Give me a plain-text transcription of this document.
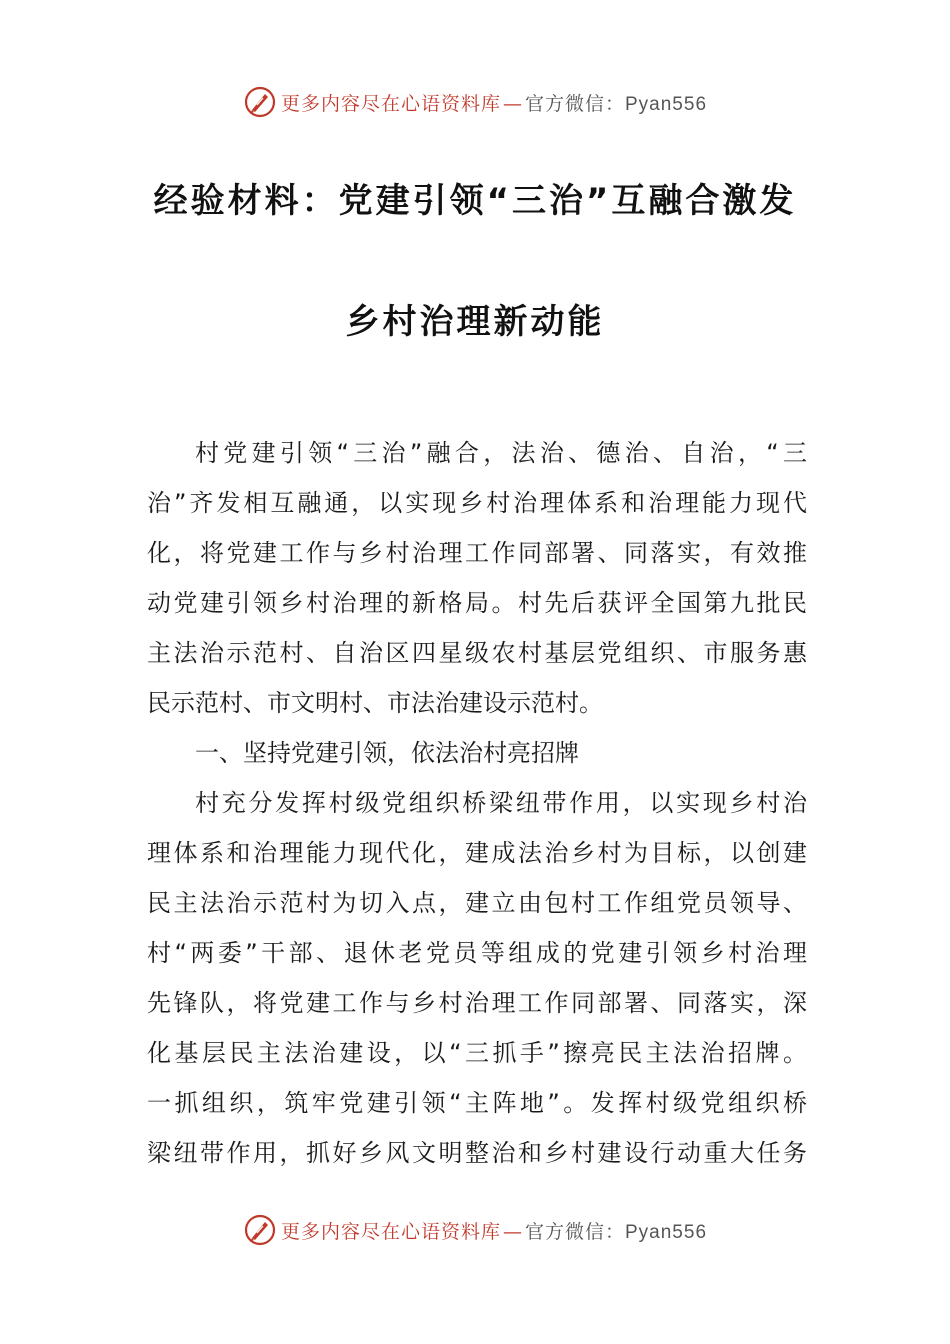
更多内容尽在心语资料库 — 官方微信：Pyan556
经验材料：党建引领“三治”互融合激发
乡村治理新动能
村党建引领“三治”融合，法治、德治、自治，“三
治”齐发相互融通，以实现乡村治理体系和治理能力现代
化，将党建工作与乡村治理工作同部署、同落实，有效推
动党建引领乡村治理的新格局。村先后获评全国第九批民
主法治示范村、自治区四星级农村基层党组织、市服务惠
民示范村、市文明村、市法治建设示范村。
一、坚持党建引领，依法治村亮招牌
村充分发挥村级党组织桥梁纽带作用，以实现乡村治
理体系和治理能力现代化，建成法治乡村为目标，以创建
民主法治示范村为切入点，建立由包村工作组党员领导、
村“两委”干部、退休老党员等组成的党建引领乡村治理
先锋队，将党建工作与乡村治理工作同部署、同落实，深
化基层民主法治建设，以“三抓手”擦亮民主法治招牌。
一抓组织，筑牢党建引领“主阵地”。发挥村级党组织桥
梁纽带作用，抓好乡风文明整治和乡村建设行动重大任务
更多内容尽在心语资料库 — 官方微信：Pyan556
